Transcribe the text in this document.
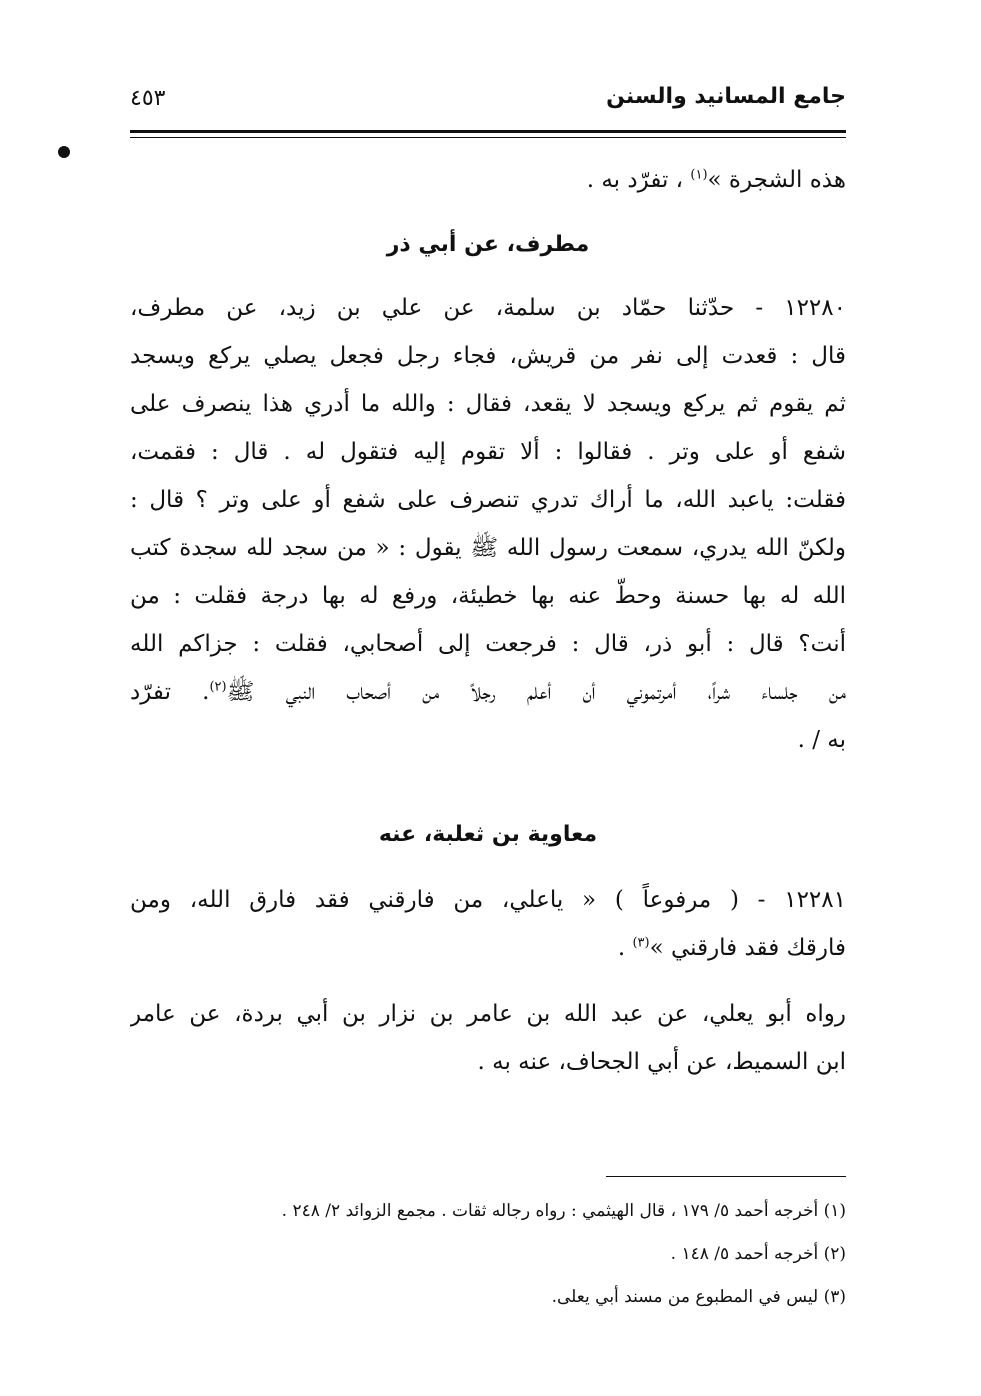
جامع المسانيد والسنن
٤٥٣
هذه الشجرة »$^{(١)}$ ، تفرّد به .
مطرف، عن أبي ذر
١٢٢٨٠ - حدّثنا حمّاد بن سلمة، عن علي بن زيد، عن مطرف،
قال : قعدت إلى نفر من قريش، فجاء رجل فجعل يصلي يركع ويسجد
ثم يقوم ثم يركع ويسجد لا يقعد، فقال : والله ما أدري هذا ينصرف على
شفع أو على وتر . فقالوا : ألا تقوم إليه فتقول له . قال : فقمت،
فقلت: ياعبد الله، ما أراك تدري تنصرف على شفع أو على وتر ؟ قال :
ولكنّ الله يدري، سمعت رسول الله ﷺ يقول : « من سجد لله سجدة كتب
الله له بها حسنة وحطّ عنه بها خطيئة، ورفع له بها درجة فقلت : من
أنت؟ قال : أبو ذر، قال : فرجعت إلى أصحابي، فقلت : جزاكم الله
من جلساء شراً، أمرتموني أن أعلم رجلاً من أصحاب النبي ﷺ$^{(٢)}$. تفرّد
به / .
معاوية بن ثعلبة، عنه
١٢٢٨١ - ( مرفوعاً ) « ياعلي، من فارقني فقد فارق الله، ومن
فارقك فقد فارقني »$^{(٣)}$ .
رواه أبو يعلي، عن عبد الله بن عامر بن نزار بن أبي بردة، عن عامر
ابن السميط، عن أبي الجحاف، عنه به .
(١) أخرجه أحمد ٥/ ١٧٩ ، قال الهيثمي : رواه رجاله ثقات . مجمع الزوائد ٢/ ٢٤٨ .
(٢) أخرجه أحمد ٥/ ١٤٨ .
(٣) ليس في المطبوع من مسند أبي يعلى.
